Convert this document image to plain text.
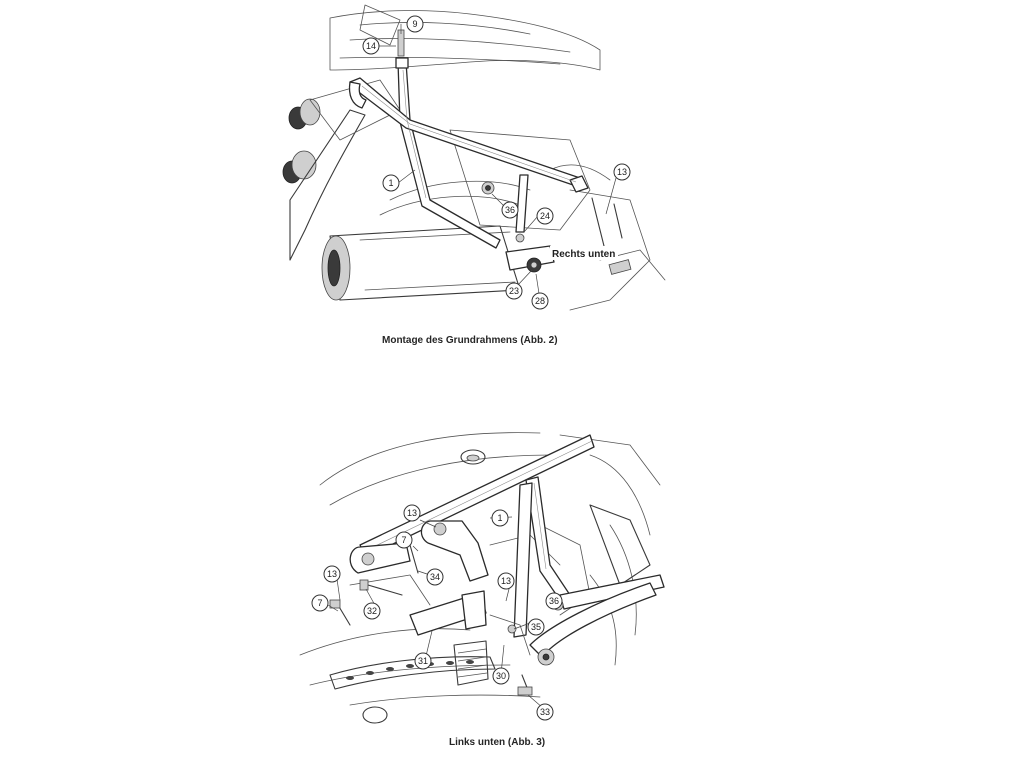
9
14
1
13
36
24
23
28
Rechts unten
Montage des Grundrahmens (Abb. 2)
13	1
7
34
13
7
32
13
36
35
31
30
33
Links unten (Abb. 3)
